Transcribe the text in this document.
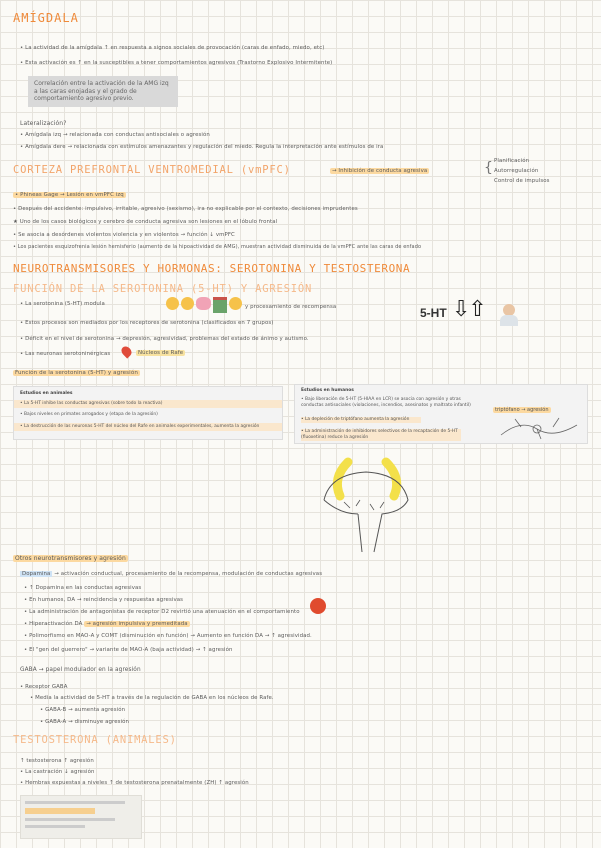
AMÍGDALA
• La actividad de la amígdala ↑ en respuesta a signos sociales de provocación (caras de enfado, miedo, etc)
• Esta activación es ↑ en la susceptibles a tener comportamientos agresivos (Trastorno Explosivo Intermitente)
Correlación entre la activación de la AMG izq a las caras enojadas y el grado de comportamiento agresivo previo.
Lateralización?
• Amígdala izq → relacionada con conductas antisociales o agresión
• Amígdala dere → relacionada con estímulos amenazantes y regulación del miedo. Regula la interpretación ante estímulos de ira
CORTEZA PREFRONTAL VENTROMEDIAL (vmPFC)	→ Inhibición de conducta agresiva	{ Planificación
Autorregulación
Control de impulsos
• Phineas Gage → Lesión en vmPFC izq
• Después del accidente: impulsivo, irritable, agresivo (sexismo), ira no explicable por el contexto, decisiones imprudentes
★ Uno de los casos biológicos y cerebro de conducta agresiva son lesiones en el lóbulo frontal
• Se asocia a desórdenes violentos violencia y en violentos → función ↓ vmPFC
• Los pacientes esquizofrenia lesión hemisferio (aumento de la hipoactividad de AMG), muestran actividad disminuida de la vmPFC ante las caras de enfado
NEUROTRANSMISORES Y HORMONAS: SEROTONINA Y TESTOSTERONA
FUNCIÓN DE LA SEROTONINA (5-HT) Y AGRESIÓN
• La serotonina (5-HT) modula	y procesamiento de recompensa
• Estos procesos son mediados por los receptores de serotonina (clasificados en 7 grupos)
• Déficit en el nivel de serotonina → depresión, agresividad, problemas del estado de ánimo y autismo.
• Las neuronas serotoninérgicas	Núcleos de Rafe
5-HT ⇩⇧
Función de la serotonina (5-HT) y agresión
Estudios en animales
• La 5-HT inhibe las conductas agresivas (sobre todo la reactiva)
• Bajos niveles en primates arrogados y (etapa de la agresión)
• La destrucción de las neuronas 5-HT del núcleo del Rafe en animales experimentales, aumenta la agresión
Estudios en humanos
• Bajo liberación de 5-HT (5-HIAA en LCR) se asocia con agresión y otras conductas antisociales (violaciones, incendios, asesinatos y maltrato infantil)
• La depleción de triptófano aumenta la agresión
• La administración de inhibidores selectivos de la recaptación de 5-HT (fluoxetina) reduce la agresión
triptófano → agresión
Otros neurotransmisores y agresión
Dopamina → activación conductual, procesamiento de la recompensa, modulación de conductas agresivas
• ↑ Dopamina en las conductas agresivas
• En humanos, DA → reincidencia y respuestas agresivas
• La administración de antagonistas de receptor D2 revirtió una atenuación en el comportamiento
• Hiperactivación DA → agresión impulsiva y premeditada
• Polimorfismo en MAO-A y COMT (disminución en función) → Aumento en función DA → ↑ agresividad.
• El "gen del guerrero" → variante de MAO-A (baja actividad) → ↑ agresión
GABA → papel modulador en la agresión
• Receptor GABA
• Media la actividad de 5-HT a través de la regulación de GABA en los núcleos de Rafe.
• GABA-B → aumenta agresión
• GABA-A → disminuye agresión
TESTOSTERONA (ANIMALES)
↑ testosterona ↑ agresión
• La castración ↓ agresión
• Hembras expuestas a niveles ↑ de testosterona prenatalmente (ZH) ↑ agresión
